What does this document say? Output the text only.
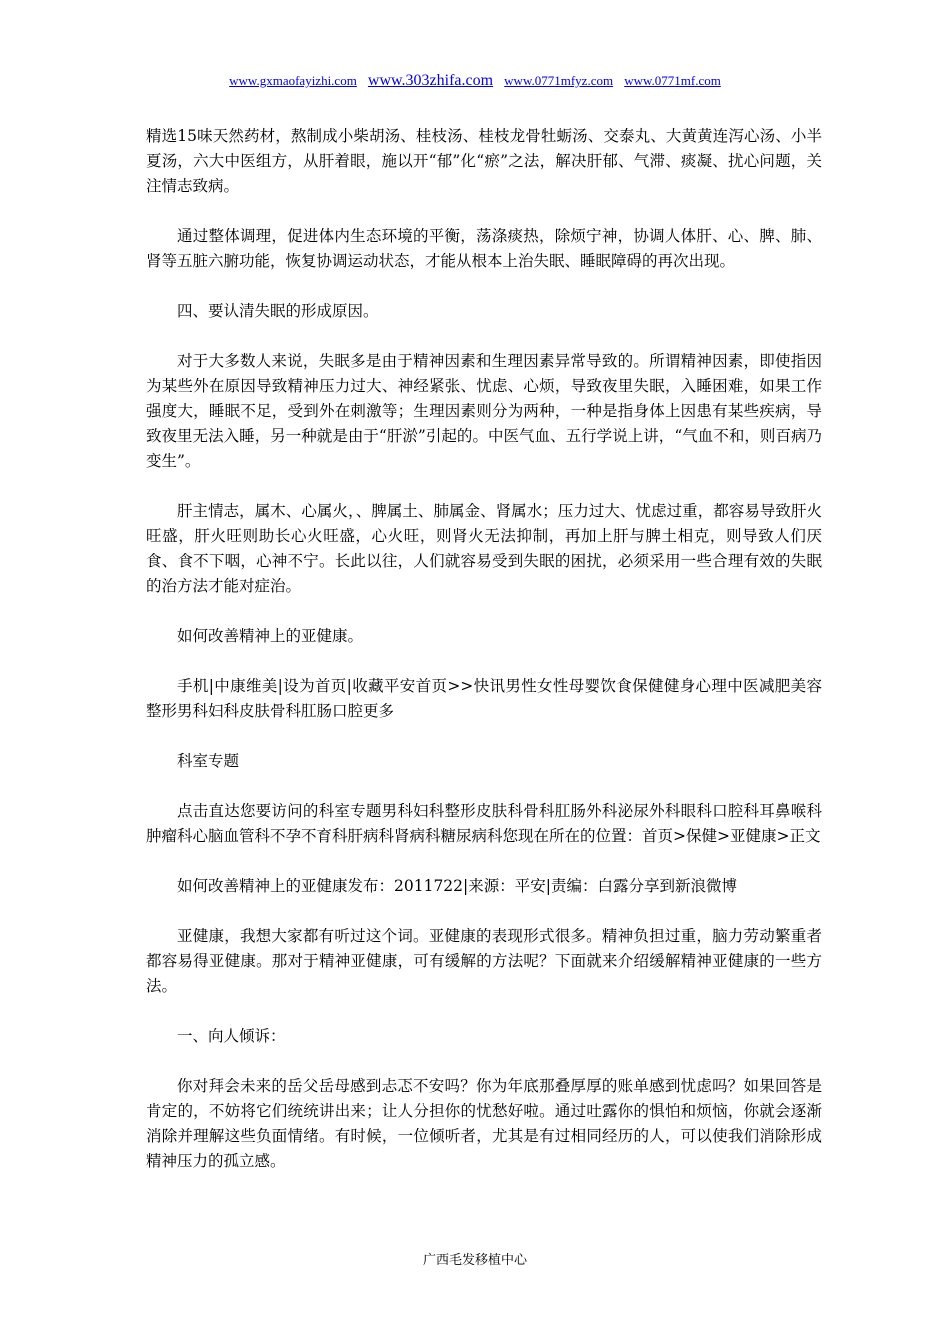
www.gxmaofayizhi.com www.303zhifa.com www.0771mfyz.com www.0771mf.com

精选15味天然药材，熬制成小柴胡汤、桂枝汤、桂枝龙骨牡蛎汤、交泰丸、大黄黄连泻心汤、小半夏汤，六大中医组方，从肝着眼，施以开“郁”化“瘀”之法，解决肝郁、气滞、痰凝、扰心问题，关注情志致病。

通过整体调理，促进体内生态环境的平衡，荡涤痰热，除烦宁神，协调人体肝、心、脾、肺、肾等五脏六腑功能，恢复协调运动状态，才能从根本上治失眠、睡眠障碍的再次出现。

四、要认清失眠的形成原因。

对于大多数人来说，失眠多是由于精神因素和生理因素异常导致的。所谓精神因素，即使指因为某些外在原因导致精神压力过大、神经紧张、忧虑、心烦，导致夜里失眠，入睡困难，如果工作强度大，睡眠不足，受到外在刺激等；生理因素则分为两种，一种是指身体上因患有某些疾病，导致夜里无法入睡，另一种就是由于“肝淤”引起的。中医气血、五行学说上讲，“气血不和，则百病乃变生”。

肝主情志，属木、心属火，、脾属土、肺属金、肾属水；压力过大、忧虑过重，都容易导致肝火旺盛，肝火旺则助长心火旺盛，心火旺，则肾火无法抑制，再加上肝与脾土相克，则导致人们厌食、食不下咽，心神不宁。长此以往，人们就容易受到失眠的困扰，必须采用一些合理有效的失眠的治方法才能对症治。

如何改善精神上的亚健康。

手机|中康维美|设为首页|收藏平安首页>>快讯男性女性母婴饮食保健健身心理中医减肥美容整形男科妇科皮肤骨科肛肠口腔更多

科室专题

点击直达您要访问的科室专题男科妇科整形皮肤科骨科肛肠外科泌尿外科眼科口腔科耳鼻喉科肿瘤科心脑血管科不孕不育科肝病科肾病科糖尿病科您现在所在的位置：首页>保健>亚健康>正文

如何改善精神上的亚健康发布：2011722|来源：平安|责编：白露分享到新浪微博

亚健康，我想大家都有听过这个词。亚健康的表现形式很多。精神负担过重，脑力劳动繁重者都容易得亚健康。那对于精神亚健康，可有缓解的方法呢？下面就来介绍缓解精神亚健康的一些方法。

一、向人倾诉：

你对拜会未来的岳父岳母感到忐忑不安吗？你为年底那叠厚厚的账单感到忧虑吗？如果回答是肯定的，不妨将它们统统讲出来；让人分担你的忧愁好啦。通过吐露你的惧怕和烦恼，你就会逐渐消除并理解这些负面情绪。有时候，一位倾听者，尤其是有过相同经历的人，可以使我们消除形成精神压力的孤立感。

广西毛发移植中心
